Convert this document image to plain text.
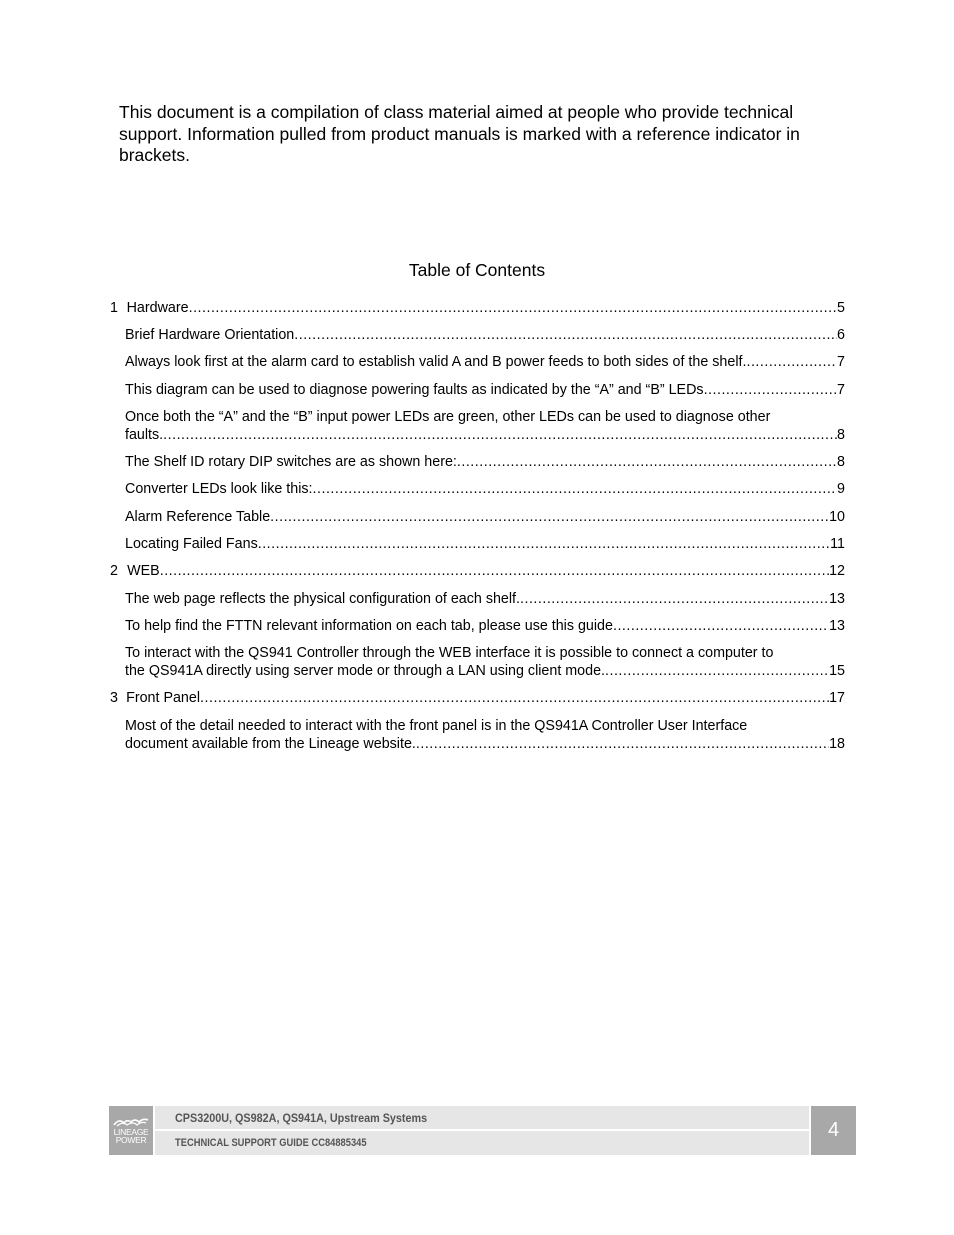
This document is a compilation of class material aimed at people who provide technical support. Information pulled from product manuals is marked with a reference indicator in brackets.

Table of Contents
1 Hardware .....	5
Brief Hardware Orientation .....	6
Always look first at the alarm card to establish valid A and B power feeds to both sides of the shelf. .....	7
This diagram can be used to diagnose powering faults as indicated by the “A” and “B” LEDs .....	7
Once both the “A” and the “B” input power LEDs are green, other LEDs can be used to diagnose other
faults. .....	8
The Shelf ID rotary DIP switches are as shown here: .....	8
Converter LEDs look like this: .....	9
Alarm Reference Table .....	10
Locating Failed Fans .....	11
2 WEB .....	12
The web page reflects the physical configuration of each shelf. .....	13
To help find the FTTN relevant information on each tab, please use this guide .....	13
To interact with the QS941 Controller through the WEB interface it is possible to connect a computer to
the QS941A directly using server mode or through a LAN using client mode. .....	15
3 Front Panel .....	17
Most of the detail needed to interact with the front panel is in the QS941A Controller User Interface
document available from the Lineage website. .....	18
LINEAGE
POWER
CPS3200U, QS982A, QS941A, Upstream Systems
TECHNICAL SUPPORT GUIDE CC84885345
4
